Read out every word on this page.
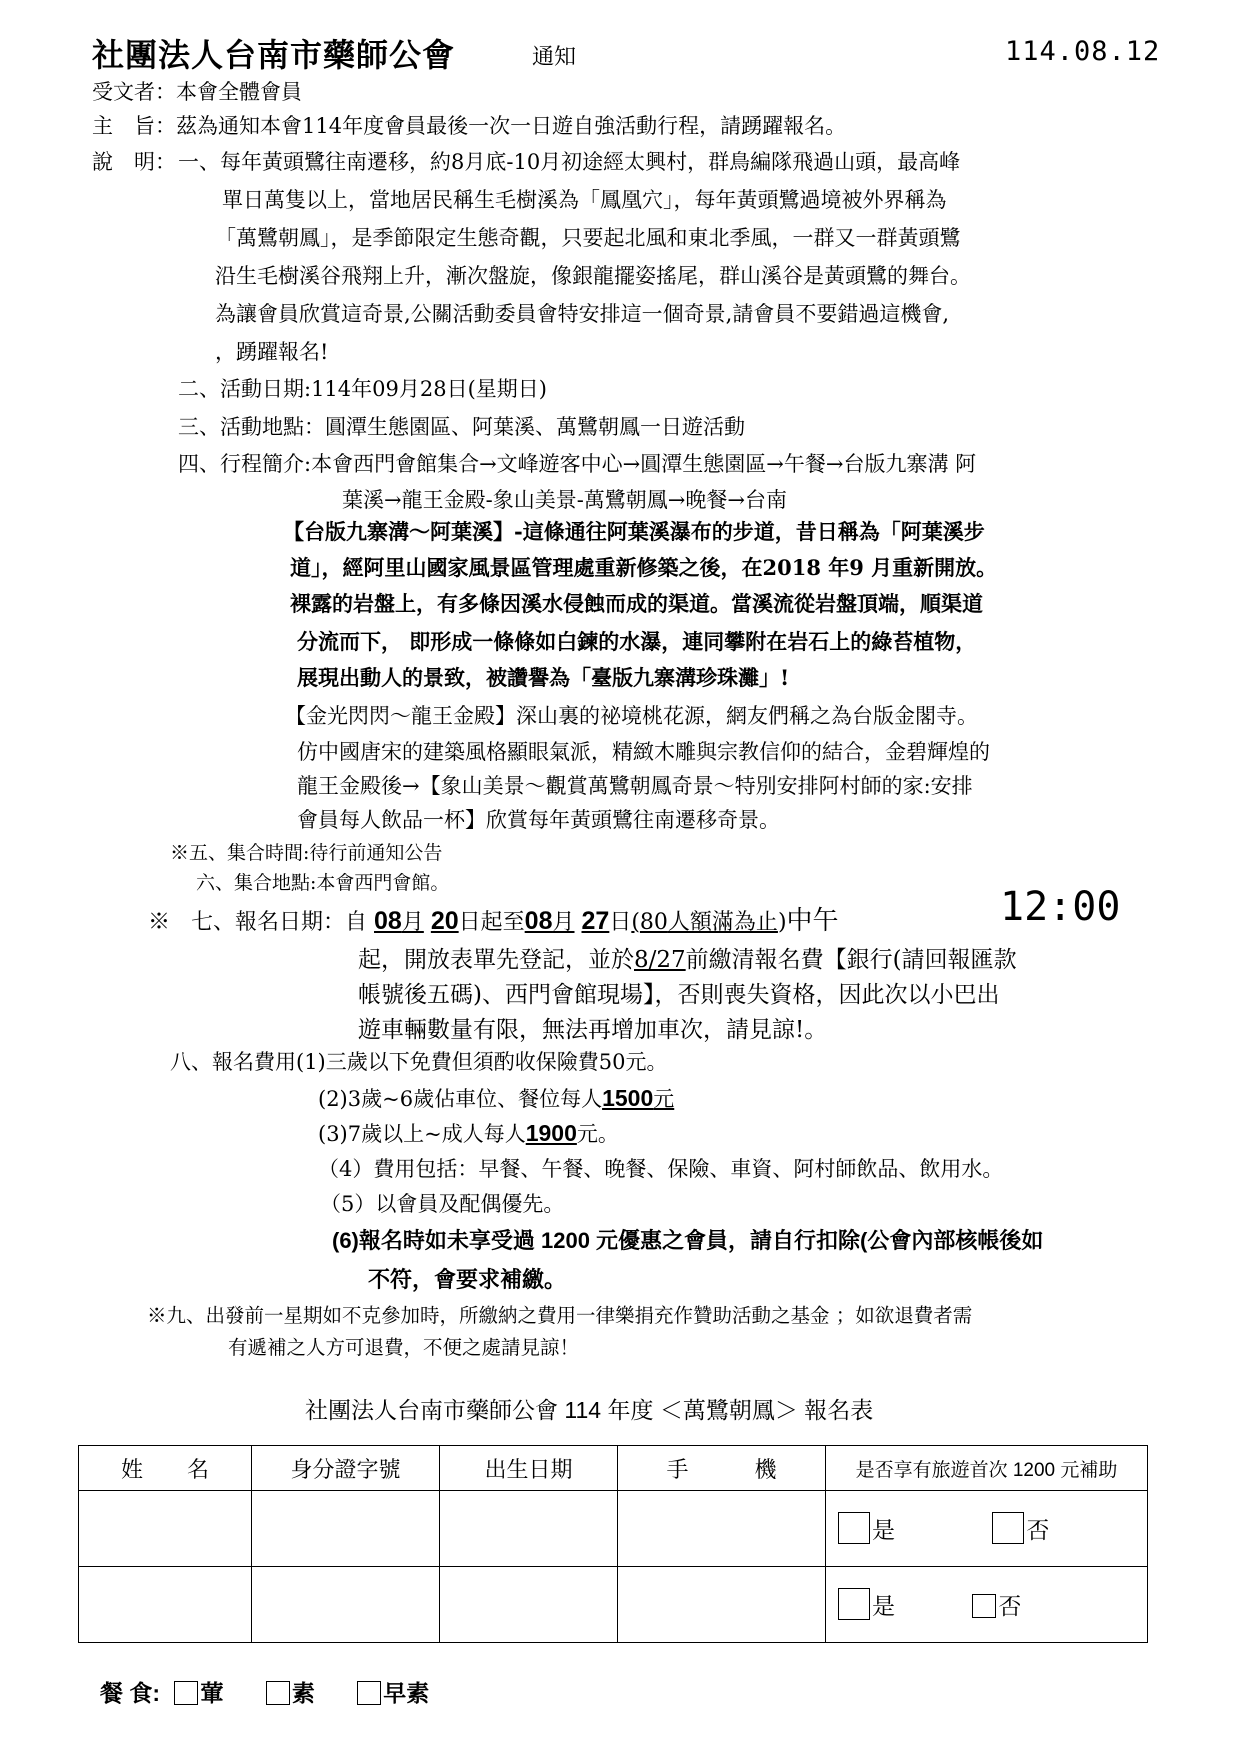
社團法人台南市藥師公會	通知	114.08.12
受文者：本會全體會員
主　旨：茲為通知本會114年度會員最後一次一日遊自強活動行程，請踴躍報名。
說　明： 一、每年黃頭鷺往南遷移，約8月底-10月初途經太興村，群鳥編隊飛過山頭，最高峰
單日萬隻以上，當地居民稱生毛樹溪為「鳳凰穴」，每年黃頭鷺過境被外界稱為
「萬鷺朝鳳」，是季節限定生態奇觀，只要起北風和東北季風，一群又一群黃頭鷺
沿生毛樹溪谷飛翔上升，漸次盤旋，像銀龍擺姿搖尾，群山溪谷是黃頭鷺的舞台。
為讓會員欣賞這奇景,公關活動委員會特安排這一個奇景,請會員不要錯過這機會,
，踴躍報名!
二、活動日期:114年09月28日(星期日)
三、活動地點：圓潭生態園區、阿葉溪、萬鷺朝鳳一日遊活動
四、行程簡介:本會西門會館集合→文峰遊客中心→圓潭生態園區→午餐→台版九寨溝 阿
葉溪→龍王金殿-象山美景-萬鷺朝鳳→晚餐→台南
【台版九寨溝～阿葉溪】-這條通往阿葉溪瀑布的步道，昔日稱為「阿葉溪步
道」，經阿里山國家風景區管理處重新修築之後，在2018 年9 月重新開放。
裸露的岩盤上，有多條因溪水侵蝕而成的渠道。當溪流從岩盤頂端，順渠道
分流而下， 即形成一條條如白鍊的水瀑，連同攀附在岩石上的綠苔植物，
展現出動人的景致，被讚譽為「臺版九寨溝珍珠灘」!
【金光閃閃～龍王金殿】深山裏的祕境桃花源，網友們稱之為台版金閣寺。
仿中國唐宋的建築風格顯眼氣派，精緻木雕與宗教信仰的結合，金碧輝煌的
龍王金殿後→【象山美景～觀賞萬鷺朝鳳奇景～特別安排阿村師的家:安排
會員每人飲品一杯】欣賞每年黃頭鷺往南遷移奇景。
※五、集合時間:待行前通知公告
六、集合地點:本會西門會館。
※ 七、報名日期：自 08月 20日起至08月 27日(80人額滿為止)中午	12:00
起，開放表單先登記，並於8/27前繳清報名費【銀行(請回報匯款
帳號後五碼)、西門會館現場】，否則喪失資格，因此次以小巴出
遊車輛數量有限，無法再增加車次，請見諒!。
八、報名費用(1)三歲以下免費但須酌收保險費50元。
(2)3歲~6歲佔車位、餐位每人1500元
(3)7歲以上~成人每人1900元。
（4）費用包括：早餐、午餐、晚餐、保險、車資、阿村師飲品、飲用水。
（5）以會員及配偶優先。
(6)報名時如未享受過 1200 元優惠之會員，請自行扣除(公會內部核帳後如
不符，會要求補繳。
※九、出發前一星期如不克參加時，所繳納之費用一律樂捐充作贊助活動之基金 ；如欲退費者需
有遞補之人方可退費，不便之處請見諒！
社團法人台南市藥師公會 114 年度 ＜萬鷺朝鳳＞ 報名表
姓　　名	身分證字號	出生日期	手　　　機	是否享有旅遊首次 1200 元補助
				是 否
				是 否
餐 食: 葷	素	早素
